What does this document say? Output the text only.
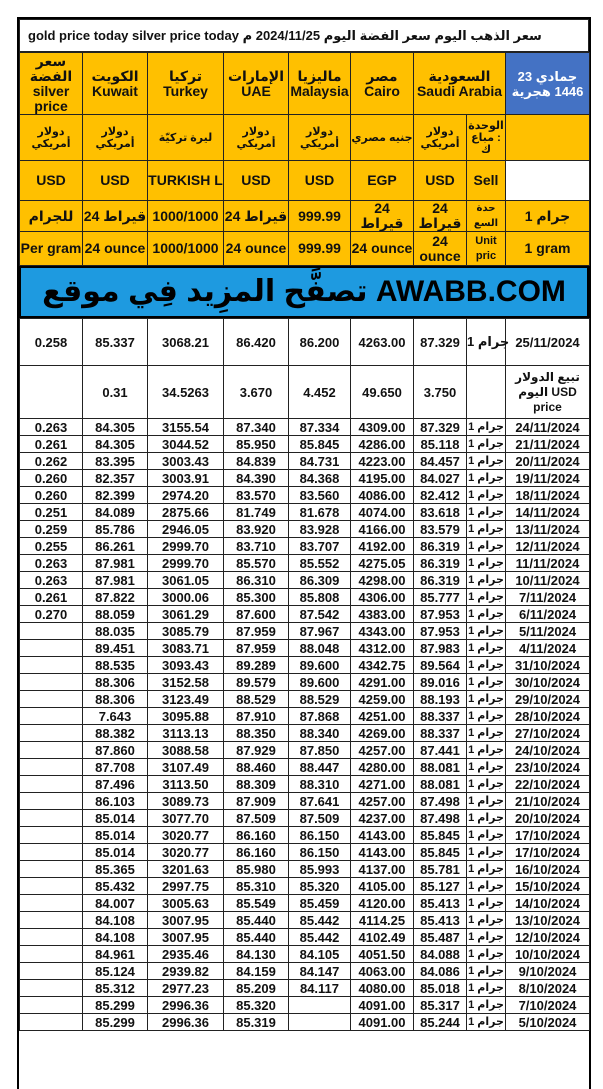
gold price today silver price today سعر الذهب اليوم سعر الفضة اليوم 2024/11/25 م
سعر الفضة silver price	الكويت Kuwait	تركيا Turkey	الإمارات UAE	ماليزيا Malaysia	مصر Cairo	السعودية Saudi Arabia		23 جمادي 1446 هجرية
دولار أمريكي	دولار أمريكي	ليرة تركيّة	دولار أمريكي	دولار أمريكي	جنيه مصري	دولار أمريكي	الوحدة : مباع ك	
USD	USD	TURKISH L	USD	USD	EGP	USD	Sell	
للجرام	24 قيراط	1000/1000	24 قيراط	999.99	24 قيراط	24 قيراط	حدة السع	1 جرام
Per gram	24 ounce	1000/1000	24 ounce	999.99	24 ounce	24 ounce	Unit pric	1 gram
تصفَّح المزِيد فِي موقع AWABB.COM
0.258	85.337	3068.21	86.420	86.200	4263.00	87.329	1 جرام	25/11/2024
	0.31	34.5263	3.670	4.452	49.650	3.750		تبيع الدولار اليوم USD price
0.263	84.305	3155.54	87.340	87.334	4309.00	87.329	1 جرام	24/11/2024
0.261	84.305	3044.52	85.950	85.845	4286.00	85.118	1 جرام	21/11/2024
0.262	83.395	3003.43	84.839	84.731	4223.00	84.457	1 جرام	20/11/2024
0.260	82.357	3003.91	84.390	84.368	4195.00	84.027	1 جرام	19/11/2024
0.260	82.399	2974.20	83.570	83.560	4086.00	82.412	1 جرام	18/11/2024
0.251	84.089	2875.66	81.749	81.678	4074.00	83.618	1 جرام	14/11/2024
0.259	85.786	2946.05	83.920	83.928	4166.00	83.579	1 جرام	13/11/2024
0.255	86.261	2999.70	83.710	83.707	4192.00	86.319	1 جرام	12/11/2024
0.263	87.981	2999.70	85.570	85.552	4275.05	86.319	1 جرام	11/11/2024
0.263	87.981	3061.05	86.310	86.309	4298.00	86.319	1 جرام	10/11/2024
0.261	87.822	3000.06	85.300	85.808	4306.00	85.777	1 جرام	7/11/2024
0.270	88.059	3061.29	87.600	87.542	4383.00	87.953	1 جرام	6/11/2024
	88.035	3085.79	87.959	87.967	4343.00	87.953	1 جرام	5/11/2024
	89.451	3083.71	87.959	88.048	4312.00	87.983	1 جرام	4/11/2024
	88.535	3093.43	89.289	89.600	4342.75	89.564	1 جرام	31/10/2024
	88.306	3152.58	89.579	89.600	4291.00	89.016	1 جرام	30/10/2024
	88.306	3123.49	88.529	88.529	4259.00	88.193	1 جرام	29/10/2024
	7.643	3095.88	87.910	87.868	4251.00	88.337	1 جرام	28/10/2024
	88.382	3113.13	88.350	88.340	4269.00	88.337	1 جرام	27/10/2024
	87.860	3088.58	87.929	87.850	4257.00	87.441	1 جرام	24/10/2024
	87.708	3107.49	88.460	88.447	4280.00	88.081	1 جرام	23/10/2024
	87.496	3113.50	88.309	88.310	4271.00	88.081	1 جرام	22/10/2024
	86.103	3089.73	87.909	87.641	4257.00	87.498	1 جرام	21/10/2024
	85.014	3077.70	87.509	87.509	4237.00	87.498	1 جرام	20/10/2024
	85.014	3020.77	86.160	86.150	4143.00	85.845	1 جرام	17/10/2024
	85.014	3020.77	86.160	86.150	4143.00	85.845	1 جرام	17/10/2024
	85.365	3201.63	85.980	85.993	4137.00	85.781	1 جرام	16/10/2024
	85.432	2997.75	85.310	85.320	4105.00	85.127	1 جرام	15/10/2024
	84.007	3005.63	85.549	85.459	4120.00	85.413	1 جرام	14/10/2024
	84.108	3007.95	85.440	85.442	4114.25	85.413	1 جرام	13/10/2024
	84.108	3007.95	85.440	85.442	4102.49	85.487	1 جرام	12/10/2024
	84.961	2935.46	84.130	84.105	4051.50	84.088	1 جرام	10/10/2024
	85.124	2939.82	84.159	84.147	4063.00	84.086	1 جرام	9/10/2024
	85.312	2977.23	85.209	84.117	4080.00	85.018	1 جرام	8/10/2024
	85.299	2996.36	85.320		4091.00	85.317	1 جرام	7/10/2024
	85.299	2996.36	85.319		4091.00	85.244	1 جرام	5/10/2024
